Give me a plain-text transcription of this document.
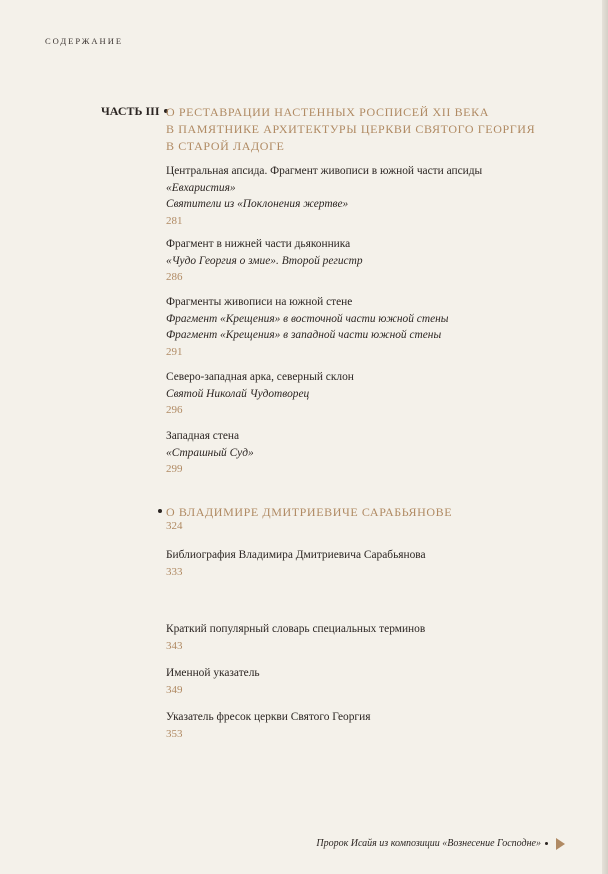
СОДЕРЖАНИЕ
ЧАСТЬ III О РЕСТАВРАЦИИ НАСТЕННЫХ РОСПИСЕЙ XII ВЕКА
В ПАМЯТНИКЕ АРХИТЕКТУРЫ ЦЕРКВИ СВЯТОГО ГЕОРГИЯ
В СТАРОЙ ЛАДОГЕ
Центральная апсида. Фрагмент живописи в южной части апсиды
«Евхаристия»
Святители из «Поклонения жертве»
281
Фрагмент в нижней части дьяконника
«Чудо Георгия о змие». Второй регистр
286
Фрагменты живописи на южной стене
Фрагмент «Крещения» в восточной части южной стены
Фрагмент «Крещения» в западной части южной стены
291
Северо-западная арка, северный склон
Святой Николай Чудотворец
296
Западная стена
«Страшный Суд»
299
О ВЛАДИМИРЕ ДМИТРИЕВИЧЕ САРАБЬЯНОВЕ
324
Библиография Владимира Дмитриевича Сарабьянова
333
Краткий популярный словарь специальных терминов
343
Именной указатель
349
Указатель фресок церкви Святого Георгия
353
Пророк Исайя из композиции «Вознесение Господне»
